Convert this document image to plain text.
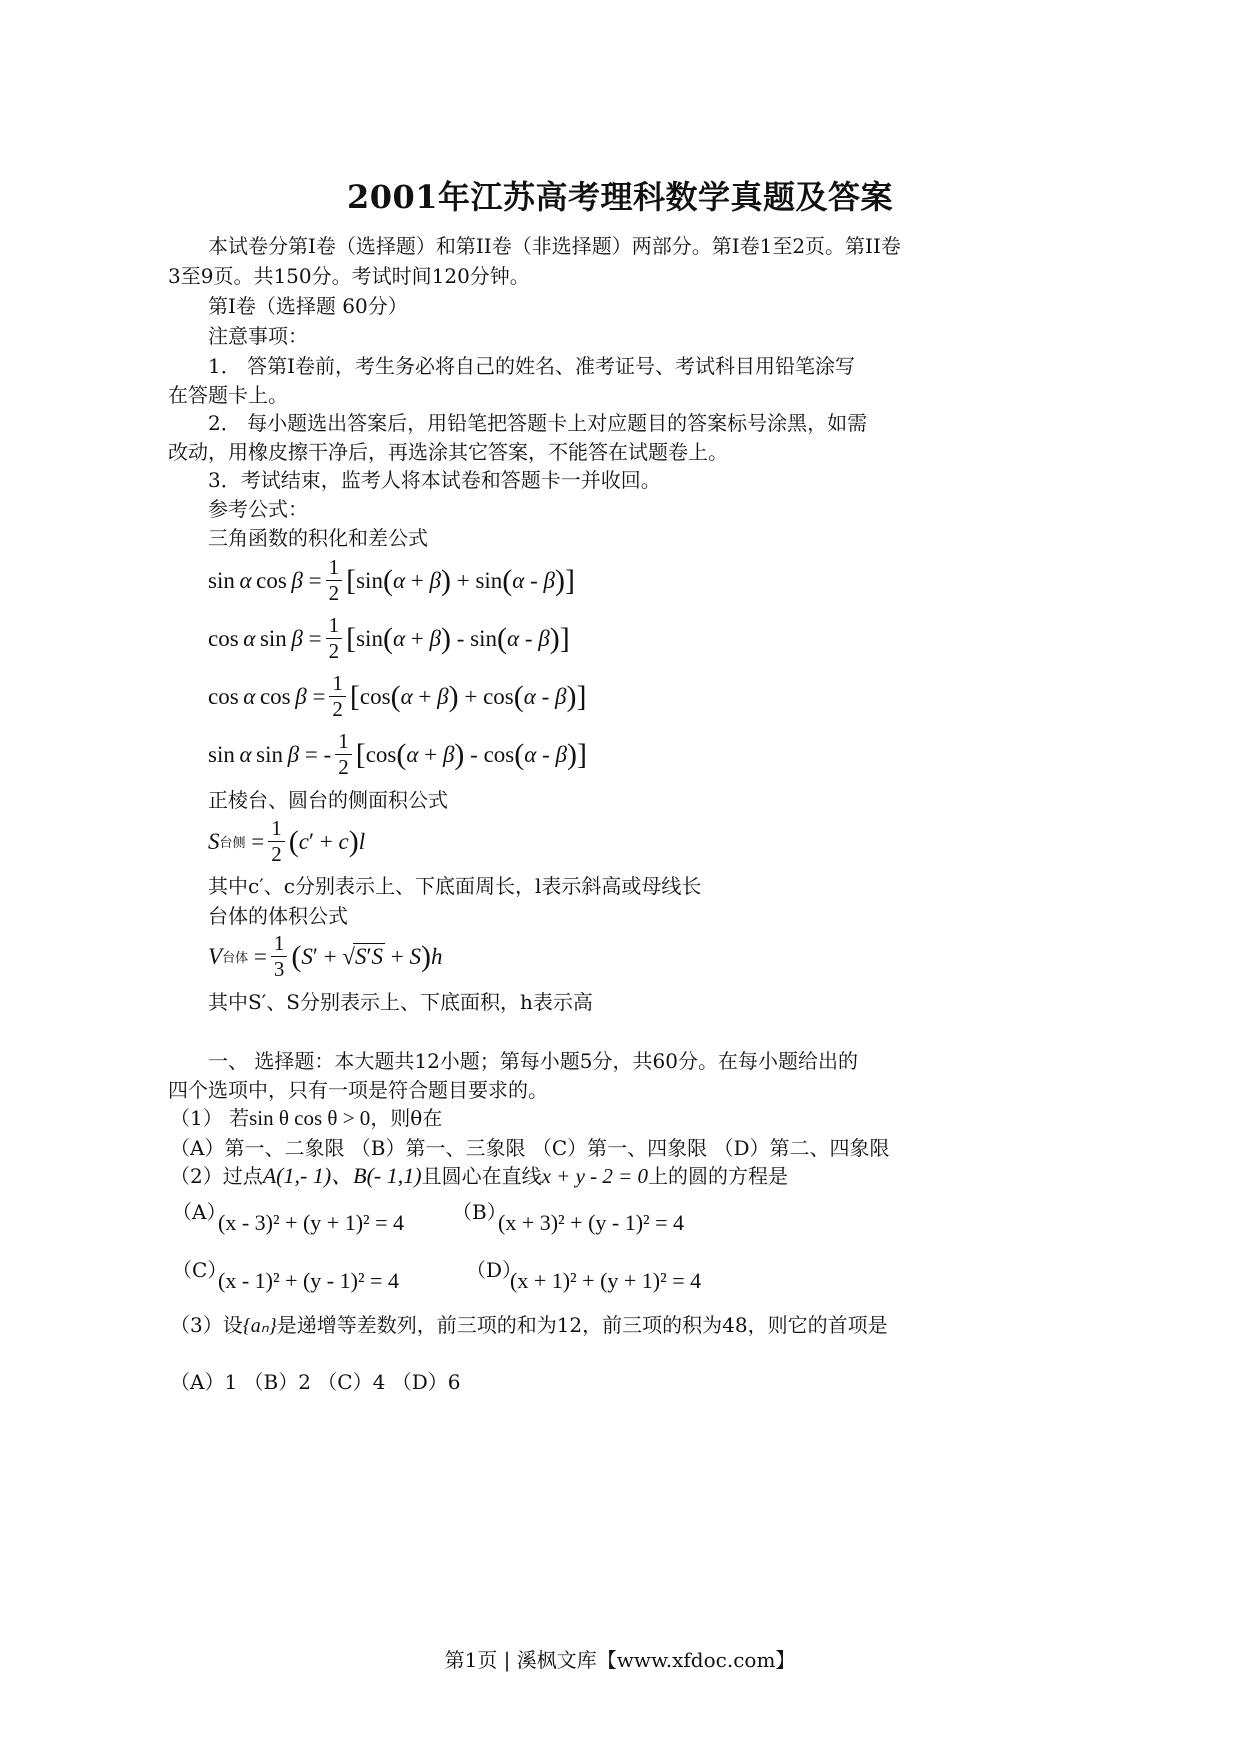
2001年江苏高考理科数学真题及答案
本试卷分第Ⅰ卷（选择题）和第II卷（非选择题）两部分。第Ⅰ卷1至2页。第II卷
3至9页。共150分。考试时间120分钟。
第Ⅰ卷（选择题 60分）
注意事项：
1． 答第Ⅰ卷前，考生务必将自己的姓名、准考证号、考试科目用铅笔涂写
在答题卡上。
2． 每小题选出答案后，用铅笔把答题卡上对应题目的答案标号涂黑，如需
改动，用橡皮擦干净后，再选涂其它答案，不能答在试题卷上。
3．考试结束，监考人将本试卷和答题卡一并收回。
参考公式：
三角函数的积化和差公式
sin  α  $\cos \beta = \frac{1}{2}$ [ sin ( α + β ) + sin ( α - β ) ]
cos  α  $\sin \beta = \frac{1}{2}$ [ sin ( α + β ) - sin ( α - β ) ]
cos  α  $\cos \beta = \frac{1}{2}$ [ cos ( α + β ) + cos ( α - β ) ]
sin  α  sin  β = - $\frac{1}{2}$ [ cos ( α + β ) - cos ( α - β ) ]
正棱台、圆台的侧面积公式
S 台侧 = $\frac{1}{2}$ ( c ′ + c ) l
其中c′、c分别表示上、下底面周长，l表示斜高或母线长
台体的体积公式
V 台体 = $\frac{1}{3}$ ( S ′ + √ S′S + S ) h
其中S′、S分别表示上、下底面积，h表示高
一、 选择题：本大题共12小题；第每小题5分，共60分。在每小题给出的
四个选项中，只有一项是符合题目要求的。
（1） 若sin θ cos θ > 0，则θ在
（A）第一、二象限 （B）第一、三象限 （C）第一、四象限 （D）第二、四象限
（2）过点A(1,- 1)、B(- 1,1)且圆心在直线x + y - 2 = 0上的圆的方程是
（A）
(x - 3)² + (y + 1)² = 4 （B）
(x + 3)² + (y - 1)² = 4
（C）
(x - 1)² + (y - 1)² = 4	（D）
(x + 1)² + (y + 1)² = 4
（3）设{aₙ}是递增等差数列，前三项的和为12，前三项的积为48，则它的首项是
（A）1 （B）2 （C）4 （D）6
第1页 | 溪枫文库【www.xfdoc.com】
